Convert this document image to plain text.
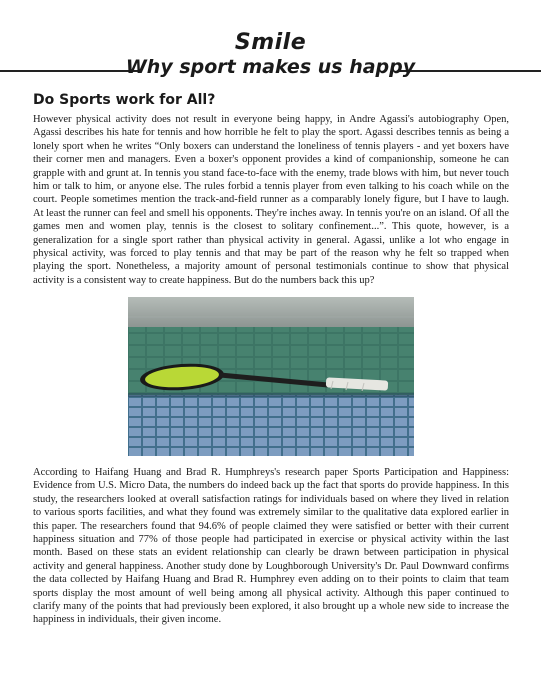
Smile
Why sport makes us happy
Do Sports work for All?

However physical activity does not result in everyone being happy, in Andre Agassi's autobiography Open, Agassi describes his hate for tennis and how horrible he felt to play the sport. Agassi describes tennis as being a lonely sport when he writes “Only boxers can understand the loneliness of tennis players - and yet boxers have their corner men and managers. Even a boxer's opponent provides a kind of companionship, someone he can grapple with and grunt at. In tennis you stand face-to-face with the enemy, trade blows with him, but never touch him or talk to him, or anyone else. The rules forbid a tennis player from even talking to his coach while on the court. People sometimes mention the track-and-field runner as a comparably lonely figure, but I have to laugh. At least the runner can feel and smell his opponents. They're inches away. In tennis you're on an island. Of all the games men and women play, tennis is the closest to solitary confinement...”. This quote, however, is a generalization for a single sport rather than physical activity in general. Agassi, unlike a lot who engage in physical activity, was forced to play tennis and that may be part of the reason why he felt so trapped when playing the sport. Nonetheless, a majority amount of personal testimonials continue to show that physical activity is a consistent way to create happiness. But do the numbers back this up?

According to Haifang Huang and Brad R. Humphreys's research paper Sports Participation and Happiness: Evidence from U.S. Micro Data, the numbers do indeed back up the fact that sports do provide happiness. In this study, the researchers looked at overall satisfaction ratings for individuals based on where they lived in relation to various sports facilities, and what they found was extremely similar to the qualitative data explored earlier in this paper. The researchers found that 94.6% of people claimed they were satisfied or better with their current happiness situation and 77% of those people had participated in exercise or physical activity within the last month. Based on these stats an evident relationship can clearly be drawn between participation in physical activity and general happiness. Another study done by Loughborough University's Dr. Paul Downward confirms the data collected by Haifang Huang and Brad R. Humphrey even adding on to their points to claim that team sports display the most amount of well being among all physical activity. Although this paper continued to clarify many of the points that had previously been explored, it also brought up a whole new side to increase the happiness in individuals, their given income.
